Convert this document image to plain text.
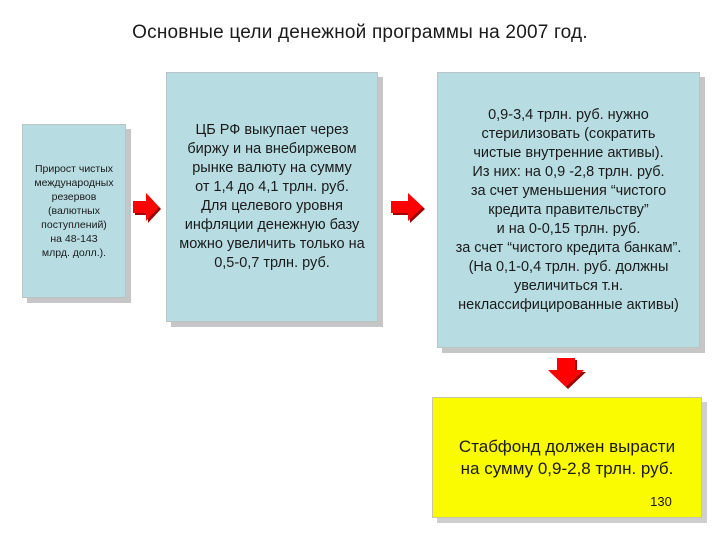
Основные цели денежной программы на 2007 год.
Прирост чистых
международных
резервов
(валютных
поступлений)
на 48-143
млрд. долл.).
ЦБ РФ выкупает через
биржу и на внебиржевом
рынке валюту на сумму
от 1,4 до 4,1 трлн. руб.
Для целевого уровня
инфляции денежную базу
можно увеличить только на
0,5-0,7 трлн. руб.
0,9-3,4 трлн. руб. нужно
стерилизовать (сократить
чистые внутренние активы).
Из них: на 0,9 -2,8 трлн. руб.
за счет уменьшения “чистого
кредита правительству”
и на 0-0,15 трлн. руб.
за счет “чистого кредита банкам”.
(На 0,1-0,4 трлн. руб. должны
увеличиться т.н.
неклассифицированные активы)
Стабфонд должен вырасти
на сумму 0,9-2,8 трлн. руб.
130
